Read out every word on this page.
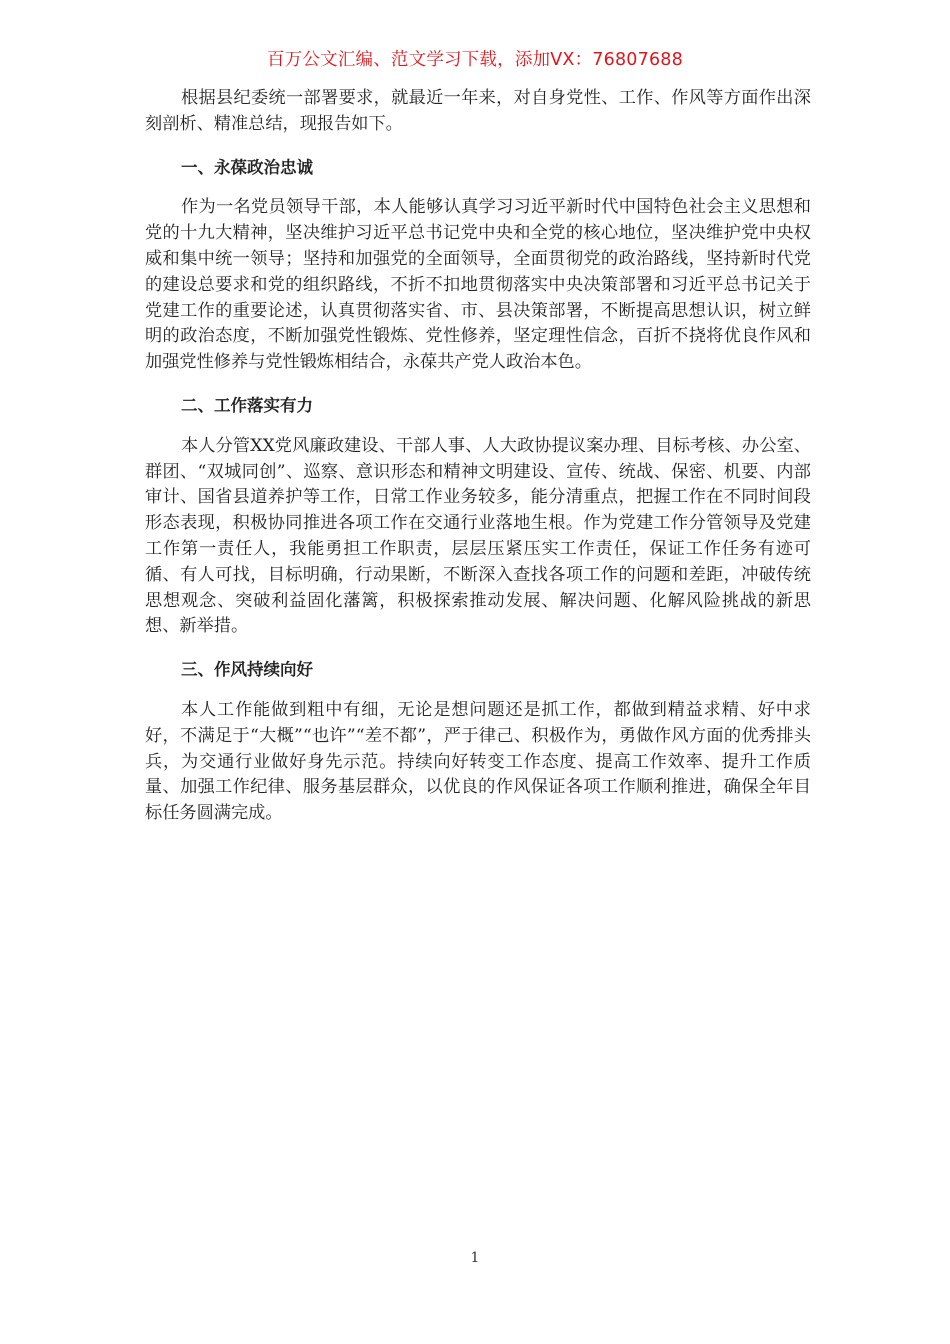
百万公文汇编、范文学习下载，添加VX：76807688

根据县纪委统一部署要求，就最近一年来，对自身党性、工作、作风等方面作出深刻剖析、精准总结，现报告如下。

一、永葆政治忠诚

作为一名党员领导干部，本人能够认真学习习近平新时代中国特色社会主义思想和党的十九大精神，坚决维护习近平总书记党中央和全党的核心地位，坚决维护党中央权威和集中统一领导；坚持和加强党的全面领导，全面贯彻党的政治路线，坚持新时代党的建设总要求和党的组织路线，不折不扣地贯彻落实中央决策部署和习近平总书记关于党建工作的重要论述，认真贯彻落实省、市、县决策部署，不断提高思想认识，树立鲜明的政治态度，不断加强党性锻炼、党性修养，坚定理性信念，百折不挠将优良作风和加强党性修养与党性锻炼相结合，永葆共产党人政治本色。

二、工作落实有力

本人分管XX党风廉政建设、干部人事、人大政协提议案办理、目标考核、办公室、群团、“双城同创”、巡察、意识形态和精神文明建设、宣传、统战、保密、机要、内部审计、国省县道养护等工作，日常工作业务较多，能分清重点，把握工作在不同时间段形态表现，积极协同推进各项工作在交通行业落地生根。作为党建工作分管领导及党建工作第一责任人，我能勇担工作职责，层层压紧压实工作责任，保证工作任务有迹可循、有人可找，目标明确，行动果断，不断深入查找各项工作的问题和差距，冲破传统思想观念、突破利益固化藩篱，积极探索推动发展、解决问题、化解风险挑战的新思想、新举措。

三、作风持续向好

本人工作能做到粗中有细，无论是想问题还是抓工作，都做到精益求精、好中求好，不满足于“大概”“也许”“差不都”，严于律己、积极作为，勇做作风方面的优秀排头兵，为交通行业做好身先示范。持续向好转变工作态度、提高工作效率、提升工作质量、加强工作纪律、服务基层群众，以优良的作风保证各项工作顺利推进，确保全年目标任务圆满完成。

1
